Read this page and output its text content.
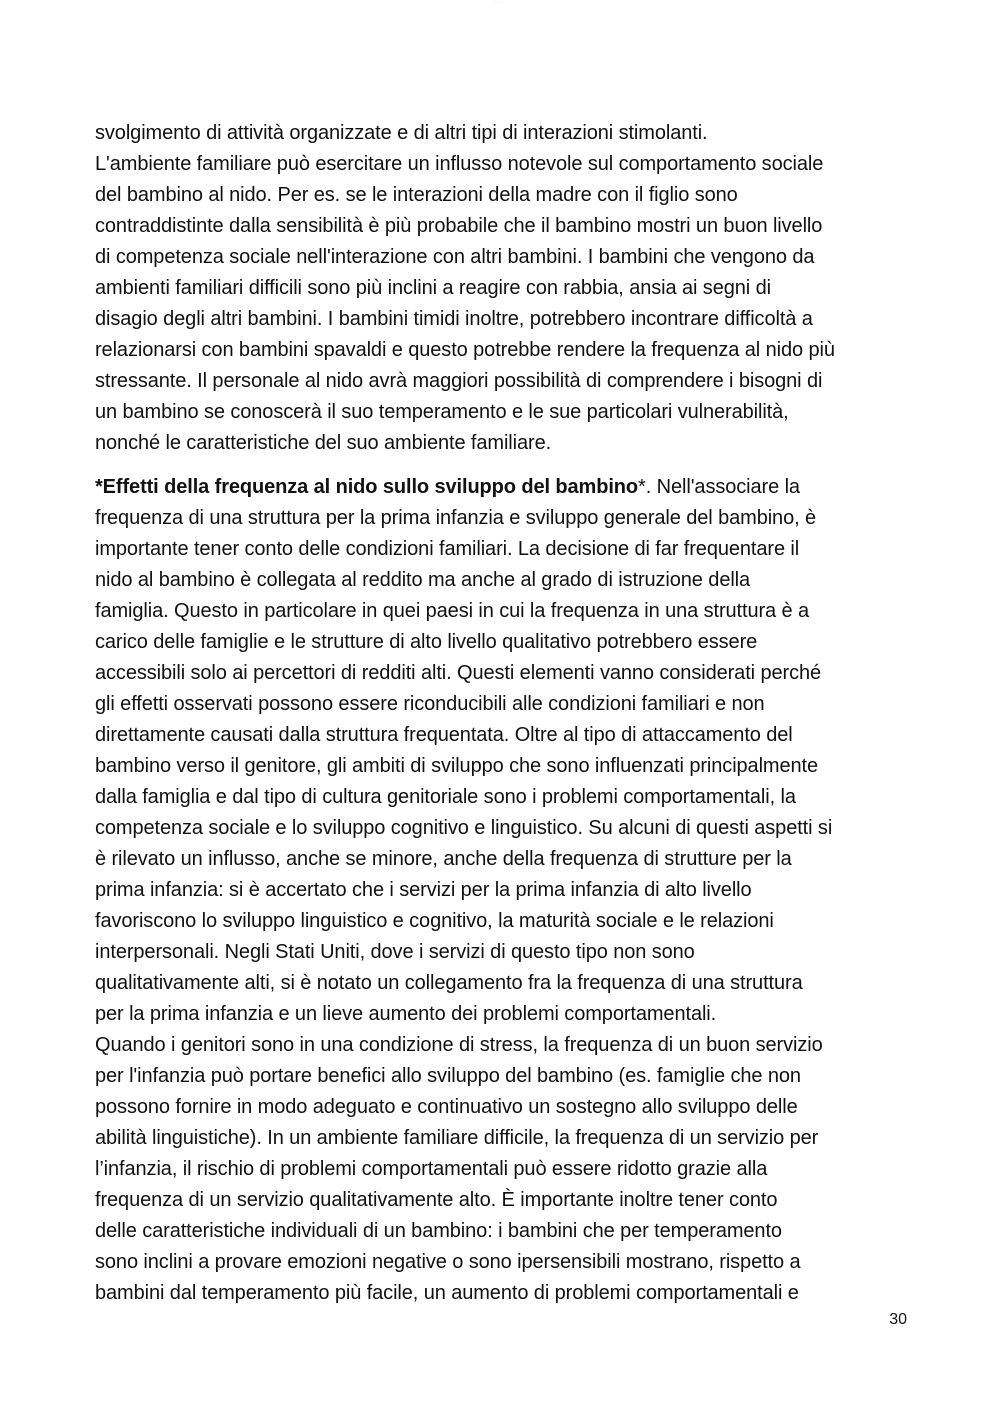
········
svolgimento di attività organizzate e di altri tipi di interazioni stimolanti.
L'ambiente familiare può esercitare un influsso notevole sul comportamento sociale
del bambino al nido. Per es. se le interazioni della madre con il figlio sono
contraddistinte dalla sensibilità è più probabile che il bambino mostri un buon livello
di competenza sociale nell'interazione con altri bambini. I bambini che vengono da
ambienti familiari difficili sono più inclini a reagire con rabbia, ansia ai segni di
disagio degli altri bambini. I bambini timidi inoltre, potrebbero incontrare difficoltà a
relazionarsi con bambini spavaldi e questo potrebbe rendere la frequenza al nido più
stressante. Il personale al nido avrà maggiori possibilità di comprendere i bisogni di
un bambino se conoscerà il suo temperamento e le sue particolari vulnerabilità,
nonché le caratteristiche del suo ambiente familiare.
*Effetti della frequenza al nido sullo sviluppo del bambino*. Nell'associare la
frequenza di una struttura per la prima infanzia e sviluppo generale del bambino, è
importante tener conto delle condizioni familiari. La decisione di far frequentare il
nido al bambino è collegata al reddito ma anche al grado di istruzione della
famiglia. Questo in particolare in quei paesi in cui la frequenza in una struttura è a
carico delle famiglie e le strutture di alto livello qualitativo potrebbero essere
accessibili solo ai percettori di redditi alti. Questi elementi vanno considerati perché
gli effetti osservati possono essere riconducibili alle condizioni familiari e non
direttamente causati dalla struttura frequentata. Oltre al tipo di attaccamento del
bambino verso il genitore, gli ambiti di sviluppo che sono influenzati principalmente
dalla famiglia e dal tipo di cultura genitoriale sono i problemi comportamentali, la
competenza sociale e lo sviluppo cognitivo e linguistico. Su alcuni di questi aspetti si
è rilevato un influsso, anche se minore, anche della frequenza di strutture per la
prima infanzia: si è accertato che i servizi per la prima infanzia di alto livello
favoriscono lo sviluppo linguistico e cognitivo, la maturità sociale e le relazioni
interpersonali. Negli Stati Uniti, dove i servizi di questo tipo non sono
qualitativamente alti, si è notato un collegamento fra la frequenza di una struttura
per la prima infanzia e un lieve aumento dei problemi comportamentali.
Quando i genitori sono in una condizione di stress, la frequenza di un buon servizio
per l'infanzia può portare benefici allo sviluppo del bambino (es. famiglie che non
possono fornire in modo adeguato e continuativo un sostegno allo sviluppo delle
abilità linguistiche). In un ambiente familiare difficile, la frequenza di un servizio per
l’infanzia, il rischio di problemi comportamentali può essere ridotto grazie alla
frequenza di un servizio qualitativamente alto. È importante inoltre tener conto
delle caratteristiche individuali di un bambino: i bambini che per temperamento
sono inclini a provare emozioni negative o sono ipersensibili mostrano, rispetto a
bambini dal temperamento più facile, un aumento di problemi comportamentali e
30
